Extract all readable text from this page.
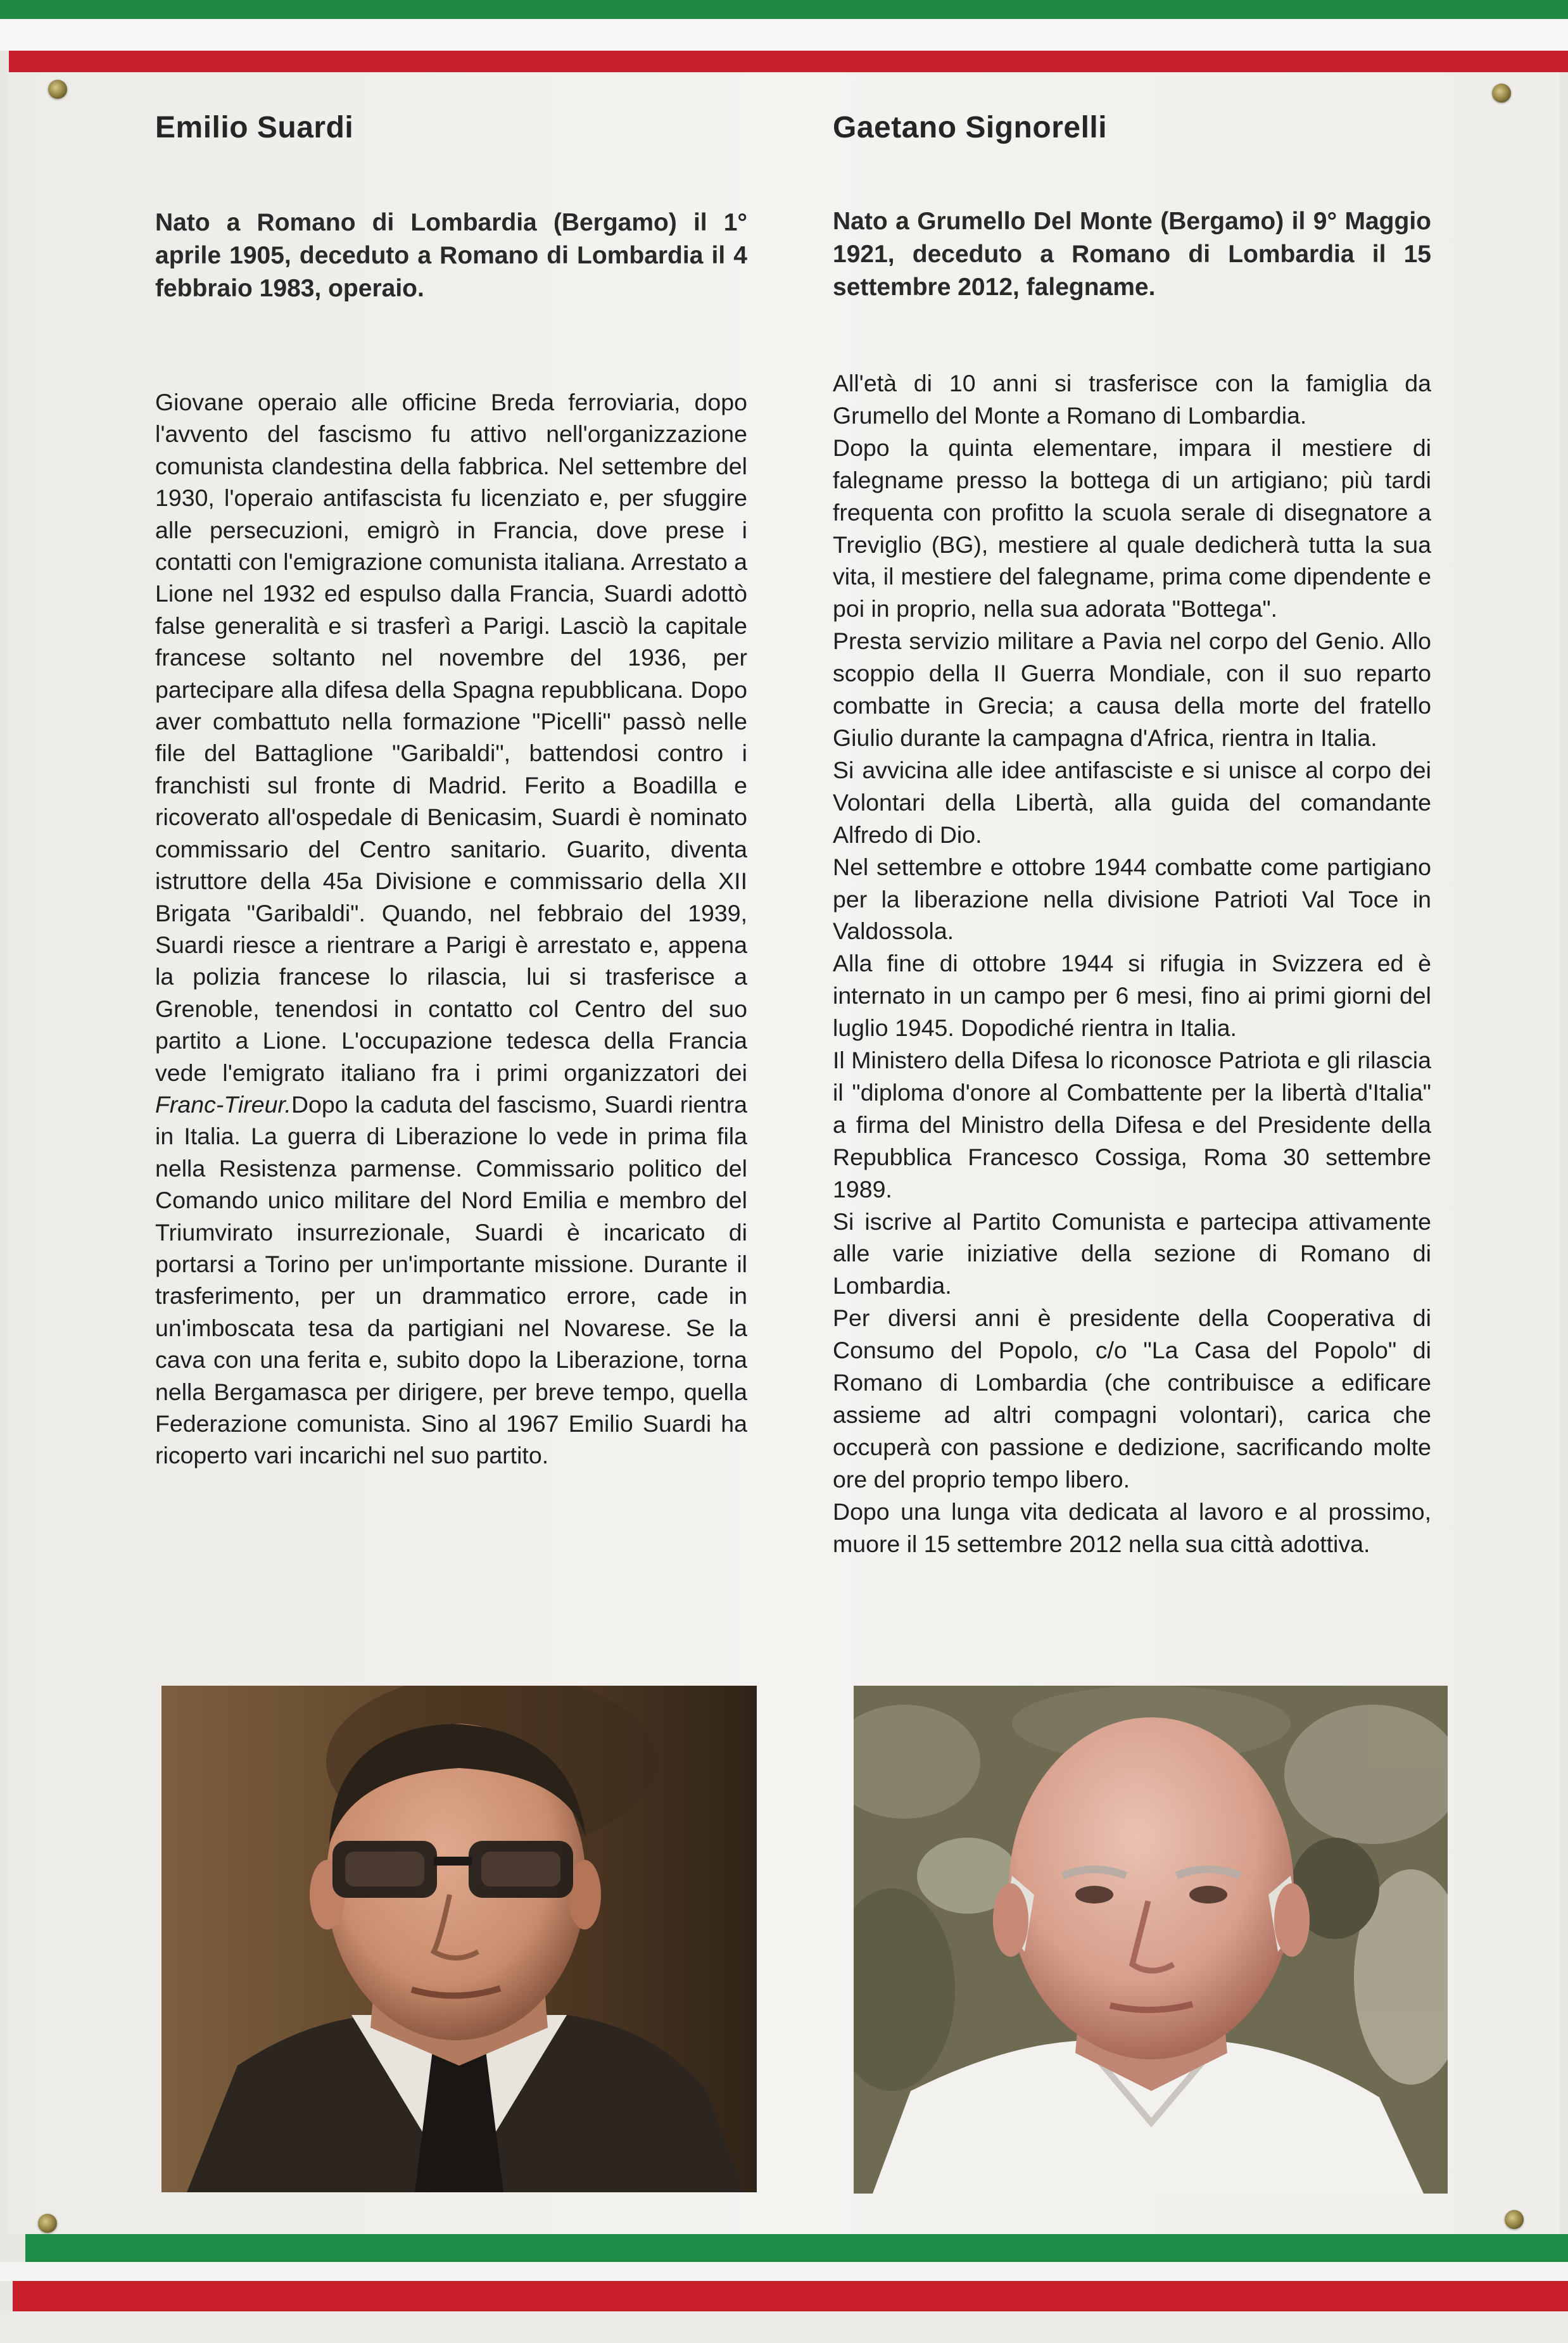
Emilio Suardi

Nato a Romano di Lombardia (Bergamo) il 1° aprile 1905, deceduto a Romano di Lombardia il 4 febbraio 1983, operaio.

Giovane operaio alle officine Breda ferroviaria, dopo l'avvento del fascismo fu attivo nell'organizzazione comunista clandestina della fabbrica. Nel settembre del 1930, l'operaio antifascista fu licenziato e, per sfuggire alle persecuzioni, emigrò in Francia, dove prese i contatti con l'emigrazione comunista italiana. Arrestato a Lione nel 1932 ed espulso dalla Francia, Suardi adottò false generalità e si trasferì a Parigi. Lasciò la capitale francese soltanto nel novembre del 1936, per partecipare alla difesa della Spagna repubblicana. Dopo aver combattuto nella formazione "Picelli" passò nelle file del Battaglione "Garibaldi", battendosi contro i franchisti sul fronte di Madrid. Ferito a Boadilla e ricoverato all'ospedale di Benicasim, Suardi è nominato commissario del Centro sanitario. Guarito, diventa istruttore della 45a Divisione e commissario della XII Brigata "Garibaldi". Quando, nel febbraio del 1939, Suardi riesce a rientrare a Parigi è arrestato e, appena la polizia francese lo rilascia, lui si trasferisce a Grenoble, tenendosi in contatto col Centro del suo partito a Lione. L'occupazione tedesca della Francia vede l'emigrato italiano fra i primi organizzatori dei Franc-Tireur.Dopo la caduta del fascismo, Suardi rientra in Italia. La guerra di Liberazione lo vede in prima fila nella Resistenza parmense. Commissario politico del Comando unico militare del Nord Emilia e membro del Triumvirato insurrezionale, Suardi è incaricato di portarsi a Torino per un'importante missione. Durante il trasferimento, per un drammatico errore, cade in un'imboscata tesa da partigiani nel Novarese. Se la cava con una ferita e, subito dopo la Liberazione, torna nella Bergamasca per dirigere, per breve tempo, quella Federazione comunista. Sino al 1967 Emilio Suardi ha ricoperto vari incarichi nel suo partito.
Gaetano Signorelli

Nato a Grumello Del Monte (Bergamo) il 9° Maggio 1921, deceduto a Romano di Lombardia il 15 settembre 2012, falegname.

All'età di 10 anni si trasferisce con la famiglia da Grumello del Monte a Romano di Lombardia.

Dopo la quinta elementare, impara il mestiere di falegname presso la bottega di un artigiano; più tardi frequenta con profitto la scuola serale di disegnatore a Treviglio (BG), mestiere al quale dedicherà tutta la sua vita, il mestiere del falegname, prima come dipendente e poi in proprio, nella sua adorata "Bottega".

Presta servizio militare a Pavia nel corpo del Genio. Allo scoppio della II Guerra Mondiale, con il suo reparto combatte in Grecia; a causa della morte del fratello Giulio durante la campagna d'Africa, rientra in Italia.

Si avvicina alle idee antifasciste e si unisce al corpo dei Volontari della Libertà, alla guida del comandante Alfredo di Dio.

Nel settembre e ottobre 1944 combatte come partigiano per la liberazione nella divisione Patrioti Val Toce in Valdossola.

Alla fine di ottobre 1944 si rifugia in Svizzera ed è internato in un campo per 6 mesi, fino ai primi giorni del luglio 1945. Dopodiché rientra in Italia.

Il Ministero della Difesa lo riconosce Patriota e gli rilascia il "diploma d'onore al Combattente per la libertà d'Italia" a firma del Ministro della Difesa e del Presidente della Repubblica Francesco Cossiga, Roma 30 settembre 1989.

Si iscrive al Partito Comunista e partecipa attivamente alle varie iniziative della sezione di Romano di Lombardia.

Per diversi anni è presidente della Cooperativa di Consumo del Popolo, c/o "La Casa del Popolo" di Romano di Lombardia (che contribuisce a edificare assieme ad altri compagni volontari), carica che occuperà con passione e dedizione, sacrificando molte ore del proprio tempo libero.

Dopo una lunga vita dedicata al lavoro e al prossimo, muore il 15 settembre 2012 nella sua città adottiva.
